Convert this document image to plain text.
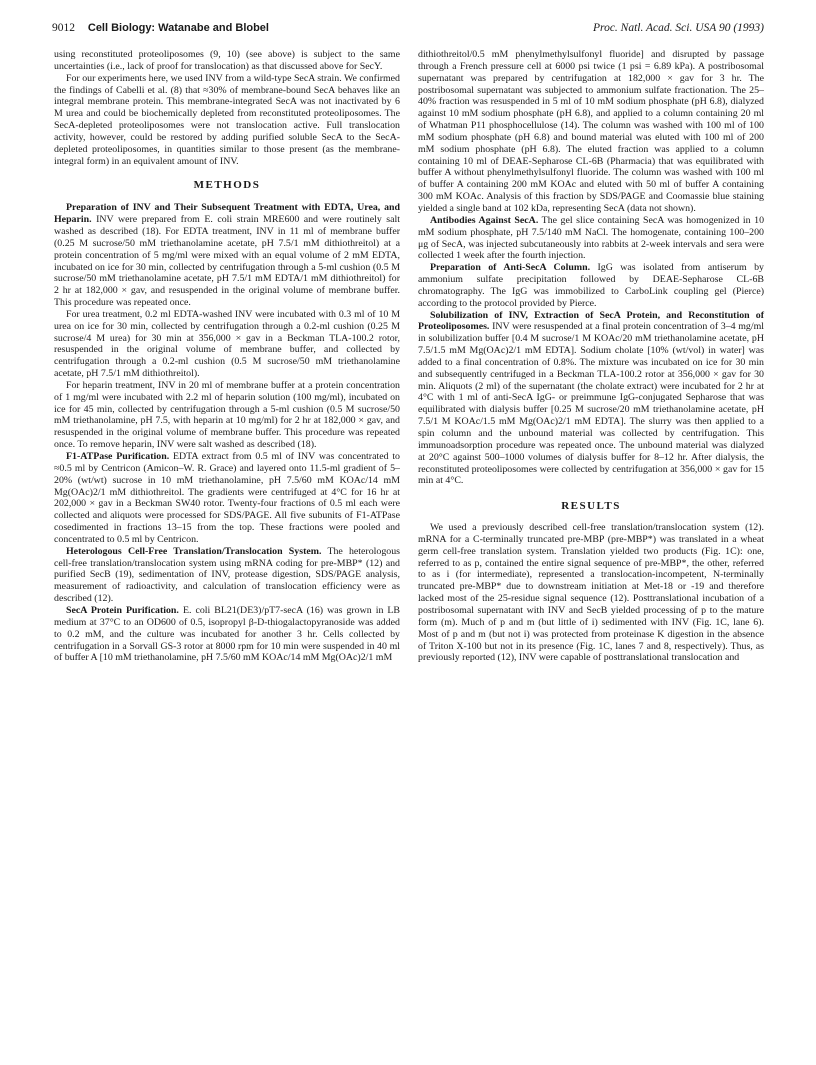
9012 Cell Biology: Watanabe and Blobel	Proc. Natl. Acad. Sci. USA 90 (1993)

using reconstituted proteoliposomes (9, 10) (see above) is subject to the same uncertainties (i.e., lack of proof for translocation) as that discussed above for SecY.

For our experiments here, we used INV from a wild-type SecA strain. We confirmed the findings of Cabelli et al. (8) that ≈30% of membrane-bound SecA behaves like an integral membrane protein. This membrane-integrated SecA was not inactivated by 6 M urea and could be biochemically depleted from reconstituted proteoliposomes. The SecA-depleted proteoliposomes were not translocation active. Full translocation activity, however, could be restored by adding purified soluble SecA to the SecA-depleted proteoliposomes, in quantities similar to those present (as the membrane-integral form) in an equivalent amount of INV.

METHODS

Preparation of INV and Their Subsequent Treatment with EDTA, Urea, and Heparin. INV were prepared from E. coli strain MRE600 and were routinely salt washed as described (18). For EDTA treatment, INV in 11 ml of membrane buffer (0.25 M sucrose/50 mM triethanolamine acetate, pH 7.5/1 mM dithiothreitol) at a protein concentration of 5 mg/ml were mixed with an equal volume of 2 mM EDTA, incubated on ice for 30 min, collected by centrifugation through a 5-ml cushion (0.5 M sucrose/50 mM triethanolamine acetate, pH 7.5/1 mM EDTA/1 mM dithiothreitol) for 2 hr at 182,000 × gav, and resuspended in the original volume of membrane buffer. This procedure was repeated once.

For urea treatment, 0.2 ml EDTA-washed INV were incubated with 0.3 ml of 10 M urea on ice for 30 min, collected by centrifugation through a 0.2-ml cushion (0.25 M sucrose/4 M urea) for 30 min at 356,000 × gav in a Beckman TLA-100.2 rotor, resuspended in the original volume of membrane buffer, and collected by centrifugation through a 0.2-ml cushion (0.5 M sucrose/50 mM triethanolamine acetate, pH 7.5/1 mM dithiothreitol).

For heparin treatment, INV in 20 ml of membrane buffer at a protein concentration of 1 mg/ml were incubated with 2.2 ml of heparin solution (100 mg/ml), incubated on ice for 45 min, collected by centrifugation through a 5-ml cushion (0.5 M sucrose/50 mM triethanolamine, pH 7.5, with heparin at 10 mg/ml) for 2 hr at 182,000 × gav, and resuspended in the original volume of membrane buffer. This procedure was repeated once. To remove heparin, INV were salt washed as described (18).

F1-ATPase Purification. EDTA extract from 0.5 ml of INV was concentrated to ≈0.5 ml by Centricon (Amicon–W. R. Grace) and layered onto 11.5-ml gradient of 5–20% (wt/wt) sucrose in 10 mM triethanolamine, pH 7.5/60 mM KOAc/14 mM Mg(OAc)2/1 mM dithiothreitol. The gradients were centrifuged at 4°C for 16 hr at 202,000 × gav in a Beckman SW40 rotor. Twenty-four fractions of 0.5 ml each were collected and aliquots were processed for SDS/PAGE. All five subunits of F1-ATPase cosedimented in fractions 13–15 from the top. These fractions were pooled and concentrated to 0.5 ml by Centricon.

Heterologous Cell-Free Translation/Translocation System. The heterologous cell-free translation/translocation system using mRNA coding for pre-MBP* (12) and purified SecB (19), sedimentation of INV, protease digestion, SDS/PAGE analysis, measurement of radioactivity, and calculation of translocation efficiency were as described (12).

SecA Protein Purification. E. coli BL21(DE3)/pT7-secA (16) was grown in LB medium at 37°C to an OD600 of 0.5, isopropyl β-D-thiogalactopyranoside was added to 0.2 mM, and the culture was incubated for another 3 hr. Cells collected by centrifugation in a Sorvall GS-3 rotor at 8000 rpm for 10 min were suspended in 40 ml of buffer A [10 mM triethanolamine, pH 7.5/60 mM KOAc/14 mM Mg(OAc)2/1 mM

dithiothreitol/0.5 mM phenylmethylsulfonyl fluoride] and disrupted by passage through a French pressure cell at 6000 psi twice (1 psi = 6.89 kPa). A postribosomal supernatant was prepared by centrifugation at 182,000 × gav for 3 hr. The postribosomal supernatant was subjected to ammonium sulfate fractionation. The 25–40% fraction was resuspended in 5 ml of 10 mM sodium phosphate (pH 6.8), dialyzed against 10 mM sodium phosphate (pH 6.8), and applied to a column containing 20 ml of Whatman P11 phosphocellulose (14). The column was washed with 100 ml of 100 mM sodium phosphate (pH 6.8) and bound material was eluted with 100 ml of 200 mM sodium phosphate (pH 6.8). The eluted fraction was applied to a column containing 10 ml of DEAE-Sepharose CL-6B (Pharmacia) that was equilibrated with buffer A without phenylmethylsulfonyl fluoride. The column was washed with 100 ml of buffer A containing 200 mM KOAc and eluted with 50 ml of buffer A containing 300 mM KOAc. Analysis of this fraction by SDS/PAGE and Coomassie blue staining yielded a single band at 102 kDa, representing SecA (data not shown).

Antibodies Against SecA. The gel slice containing SecA was homogenized in 10 mM sodium phosphate, pH 7.5/140 mM NaCl. The homogenate, containing 100–200 μg of SecA, was injected subcutaneously into rabbits at 2-week intervals and sera were collected 1 week after the fourth injection.

Preparation of Anti-SecA Column. IgG was isolated from antiserum by ammonium sulfate precipitation followed by DEAE-Sepharose CL-6B chromatography. The IgG was immobilized to CarboLink coupling gel (Pierce) according to the protocol provided by Pierce.

Solubilization of INV, Extraction of SecA Protein, and Reconstitution of Proteoliposomes. INV were resuspended at a final protein concentration of 3–4 mg/ml in solubilization buffer [0.4 M sucrose/1 M KOAc/20 mM triethanolamine acetate, pH 7.5/1.5 mM Mg(OAc)2/1 mM EDTA]. Sodium cholate [10% (wt/vol) in water] was added to a final concentration of 0.8%. The mixture was incubated on ice for 30 min and subsequently centrifuged in a Beckman TLA-100.2 rotor at 356,000 × gav for 30 min. Aliquots (2 ml) of the supernatant (the cholate extract) were incubated for 2 hr at 4°C with 1 ml of anti-SecA IgG- or preimmune IgG-conjugated Sepharose that was equilibrated with dialysis buffer [0.25 M sucrose/20 mM triethanolamine acetate, pH 7.5/1 M KOAc/1.5 mM Mg(OAc)2/1 mM EDTA]. The slurry was then applied to a spin column and the unbound material was collected by centrifugation. This immunoadsorption procedure was repeated once. The unbound material was dialyzed at 20°C against 500–1000 volumes of dialysis buffer for 8–12 hr. After dialysis, the reconstituted proteoliposomes were collected by centrifugation at 356,000 × gav for 15 min at 4°C.

RESULTS

We used a previously described cell-free translation/translocation system (12). mRNA for a C-terminally truncated pre-MBP (pre-MBP*) was translated in a wheat germ cell-free translation system. Translation yielded two products (Fig. 1C): one, referred to as p, contained the entire signal sequence of pre-MBP*, the other, referred to as i (for intermediate), represented a translocation-incompetent, N-terminally truncated pre-MBP* due to downstream initiation at Met-18 or -19 and therefore lacked most of the 25-residue signal sequence (12). Posttranslational incubation of a postribosomal supernatant with INV and SecB yielded processing of p to the mature form (m). Much of p and m (but little of i) sedimented with INV (Fig. 1C, lane 6). Most of p and m (but not i) was protected from proteinase K digestion in the absence of Triton X-100 but not in its presence (Fig. 1C, lanes 7 and 8, respectively). Thus, as previously reported (12), INV were capable of posttranslational translocation and
